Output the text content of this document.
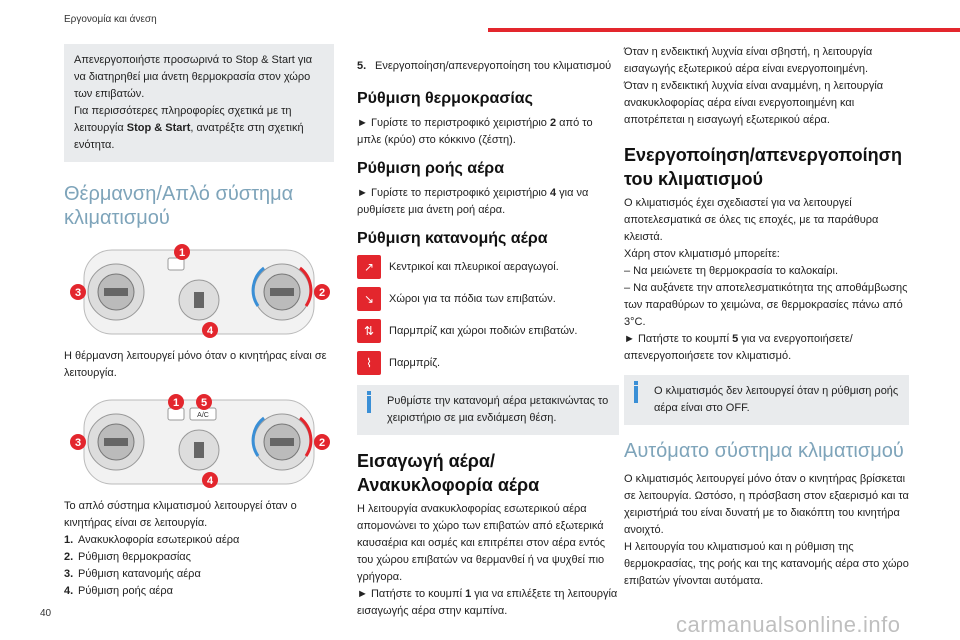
Εργονομία και άνεση
Απενεργοποιήστε προσωρινά το Stop & Start για να διατηρηθεί μια άνετη θερμοκρασία στον χώρο των επιβατών.
Για περισσότερες πληροφορίες σχετικά με τη λειτουργία Stop & Start, ανατρέξτε στη σχετική ενότητα.
Θέρμανση/Απλό σύστημα κλιματισμού
1
2
3
4
Η θέρμανση λειτουργεί μόνο όταν ο κινητήρας είναι σε λειτουργία.
A/C
1 5
2
3
4
Το απλό σύστημα κλιματισμού λειτουργεί όταν ο κινητήρας είναι σε λειτουργία.
1. Ανακυκλοφορία εσωτερικού αέρα
2. Ρύθμιση θερμοκρασίας
3. Ρύθμιση κατανομής αέρα
4. Ρύθμιση ροής αέρα
5. Ενεργοποίηση/απενεργοποίηση του κλιματισμού
Ρύθμιση θερμοκρασίας
► Γυρίστε το περιστροφικό χειριστήριο 2 από το μπλε (κρύο) στο κόκκινο (ζέστη).
Ρύθμιση ροής αέρα
► Γυρίστε το περιστροφικό χειριστήριο 4 για να ρυθμίσετε μια άνετη ροή αέρα.
Ρύθμιση κατανομής αέρα
↗	Κεντρικοί και πλευρικοί αεραγωγοί.
↘	Χώροι για τα πόδια των επιβατών.
⇅	Παρμπρίζ και χώροι ποδιών επιβατών.
⌇	Παρμπρίζ.
Ρυθμίστε την κατανομή αέρα μετακινώντας το χειριστήριο σε μια ενδιάμεση θέση.
Εισαγωγή αέρα/Ανακυκλοφορία αέρα
Η λειτουργία ανακυκλοφορίας εσωτερικού αέρα απομονώνει το χώρο των επιβατών από εξωτερικά καυσαέρια και οσμές και επιτρέπει στον αέρα εντός του χώρου επιβατών να θερμανθεί ή να ψυχθεί πιο γρήγορα.
► Πατήστε το κουμπί 1 για να επιλέξετε τη λειτουργία εισαγωγής αέρα στην καμπίνα.
Όταν η ενδεικτική λυχνία είναι σβηστή, η λειτουργία εισαγωγής εξωτερικού αέρα είναι ενεργοποιημένη.
Όταν η ενδεικτική λυχνία είναι αναμμένη, η λειτουργία ανακυκλοφορίας αέρα είναι ενεργοποιημένη και αποτρέπεται η εισαγωγή εξωτερικού αέρα.
Ενεργοποίηση/απενεργοποίηση του κλιματισμού
Ο κλιματισμός έχει σχεδιαστεί για να λειτουργεί αποτελεσματικά σε όλες τις εποχές, με τα παράθυρα κλειστά.
Χάρη στον κλιματισμό μπορείτε:
– Να μειώνετε τη θερμοκρασία το καλοκαίρι.
– Να αυξάνετε την αποτελεσματικότητα της αποθάμβωσης των παραθύρων το χειμώνα, σε θερμοκρασίες πάνω από 3°C.
► Πατήστε το κουμπί 5 για να ενεργοποιήσετε/απενεργοποιήσετε τον κλιματισμό.
Ο κλιματισμός δεν λειτουργεί όταν η ρύθμιση ροής αέρα είναι στο OFF.
Αυτόματο σύστημα κλιματισμού
Ο κλιματισμός λειτουργεί μόνο όταν ο κινητήρας βρίσκεται σε λειτουργία. Ωστόσο, η πρόσβαση στον εξαερισμό και τα χειριστήριά του είναι δυνατή με το διακόπτη του κινητήρα ανοιχτό.
Η λειτουργία του κλιματισμού και η ρύθμιση της θερμοκρασίας, της ροής και της κατανομής αέρα στο χώρο επιβατών γίνονται αυτόματα.
40	carmanualsonline.info
